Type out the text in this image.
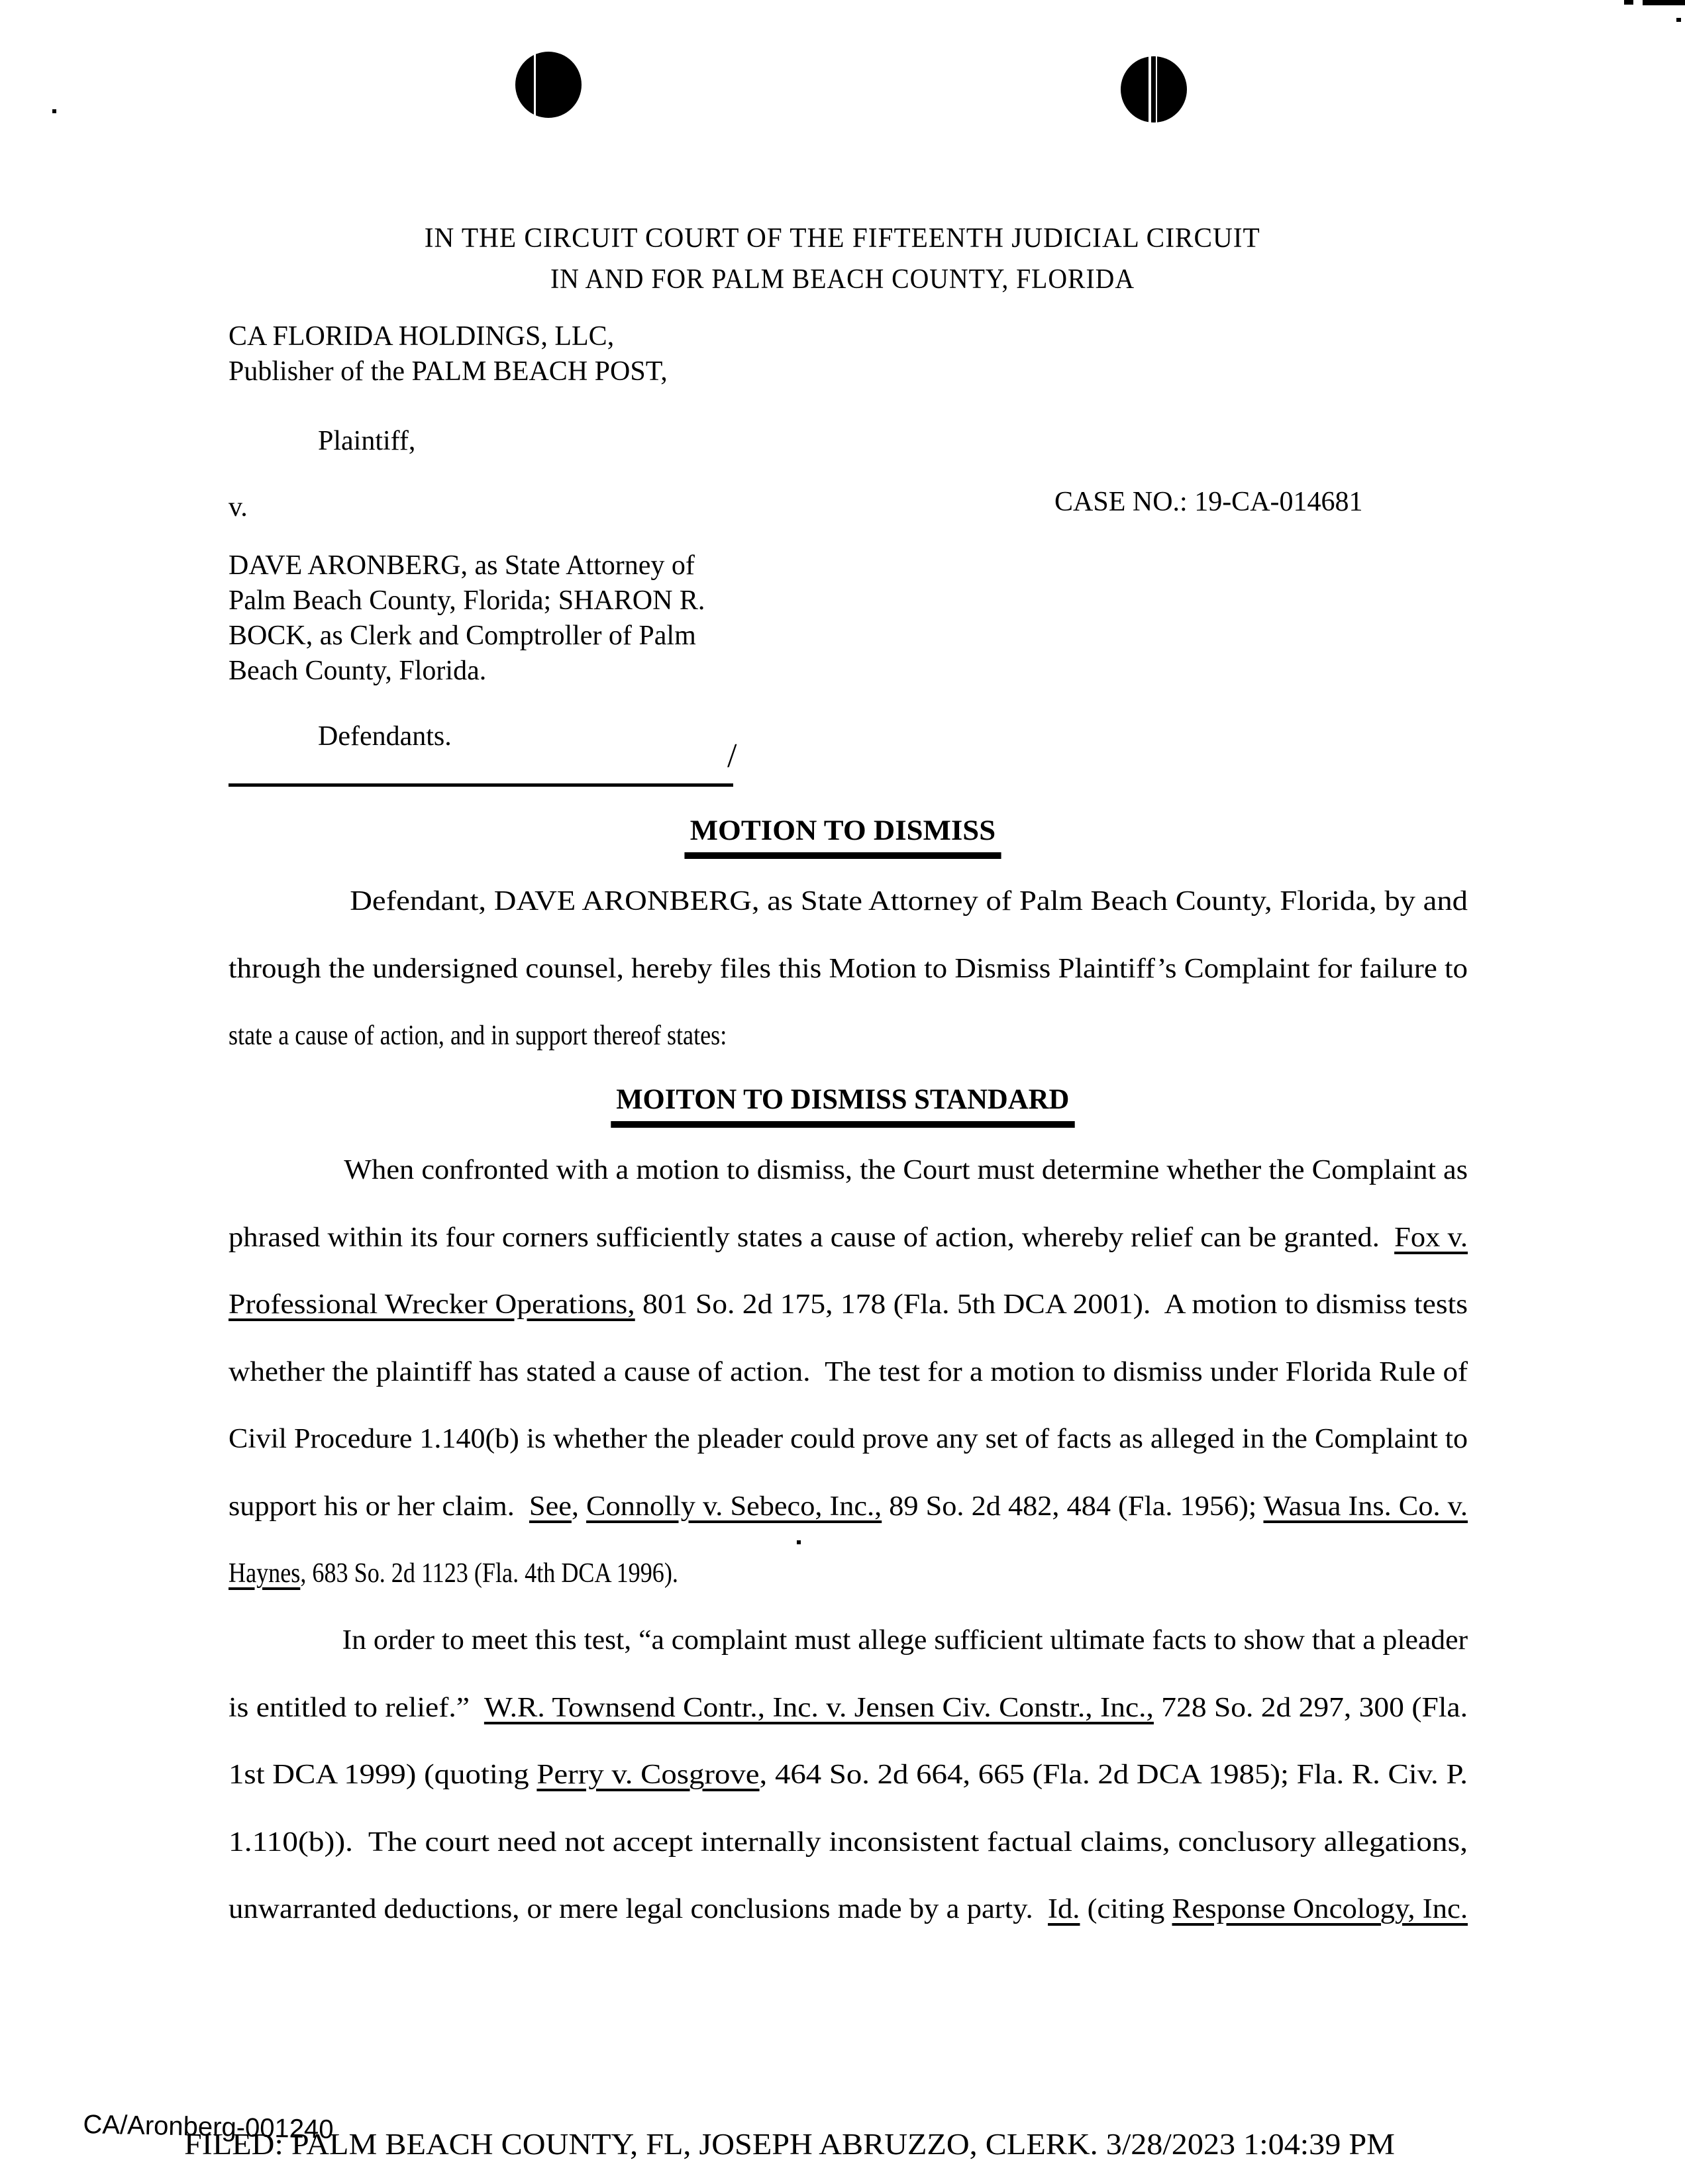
IN THE CIRCUIT COURT OF THE FIFTEENTH JUDICIAL CIRCUIT
IN AND FOR PALM BEACH COUNTY, FLORIDA
CA FLORIDA HOLDINGS, LLC,
Publisher of the PALM BEACH POST,
Plaintiff,
v.	CASE NO.: 19-CA-014681
DAVE ARONBERG, as State Attorney of
Palm Beach County, Florida; SHARON R.
BOCK, as Clerk and Comptroller of Palm
Beach County, Florida.
Defendants.
/
MOTION TO DISMISS
Defendant, DAVE ARONBERG, as State Attorney of Palm Beach County, Florida, by and
through the undersigned counsel, hereby files this Motion to Dismiss Plaintiff’s Complaint for failure to
state a cause of action, and in support thereof states:
MOITON TO DISMISS STANDARD
When confronted with a motion to dismiss, the Court must determine whether the Complaint as
phrased within its four corners sufficiently states a cause of action, whereby relief can be granted.  Fox v.
Professional Wrecker Operations, 801 So. 2d 175, 178 (Fla. 5th DCA 2001).  A motion to dismiss tests
whether the plaintiff has stated a cause of action.  The test for a motion to dismiss under Florida Rule of
Civil Procedure 1.140(b) is whether the pleader could prove any set of facts as alleged in the Complaint to
support his or her claim.  See, Connolly v. Sebeco, Inc., 89 So. 2d 482, 484 (Fla. 1956); Wasua Ins. Co. v.
Haynes, 683 So. 2d 1123 (Fla. 4th DCA 1996).
In order to meet this test, “a complaint must allege sufficient ultimate facts to show that a pleader
is entitled to relief.”  W.R. Townsend Contr., Inc. v. Jensen Civ. Constr., Inc., 728 So. 2d 297, 300 (Fla.
1st DCA 1999) (quoting Perry v. Cosgrove, 464 So. 2d 664, 665 (Fla. 2d DCA 1985); Fla. R. Civ. P.
1.110(b)).  The court need not accept internally inconsistent factual claims, conclusory allegations,
unwarranted deductions, or mere legal conclusions made by a party.  Id. (citing Response Oncology, Inc.
CA/Aronberg-001240
FILED: PALM BEACH COUNTY, FL, JOSEPH ABRUZZO, CLERK. 3/28/2023 1:04:39 PM
